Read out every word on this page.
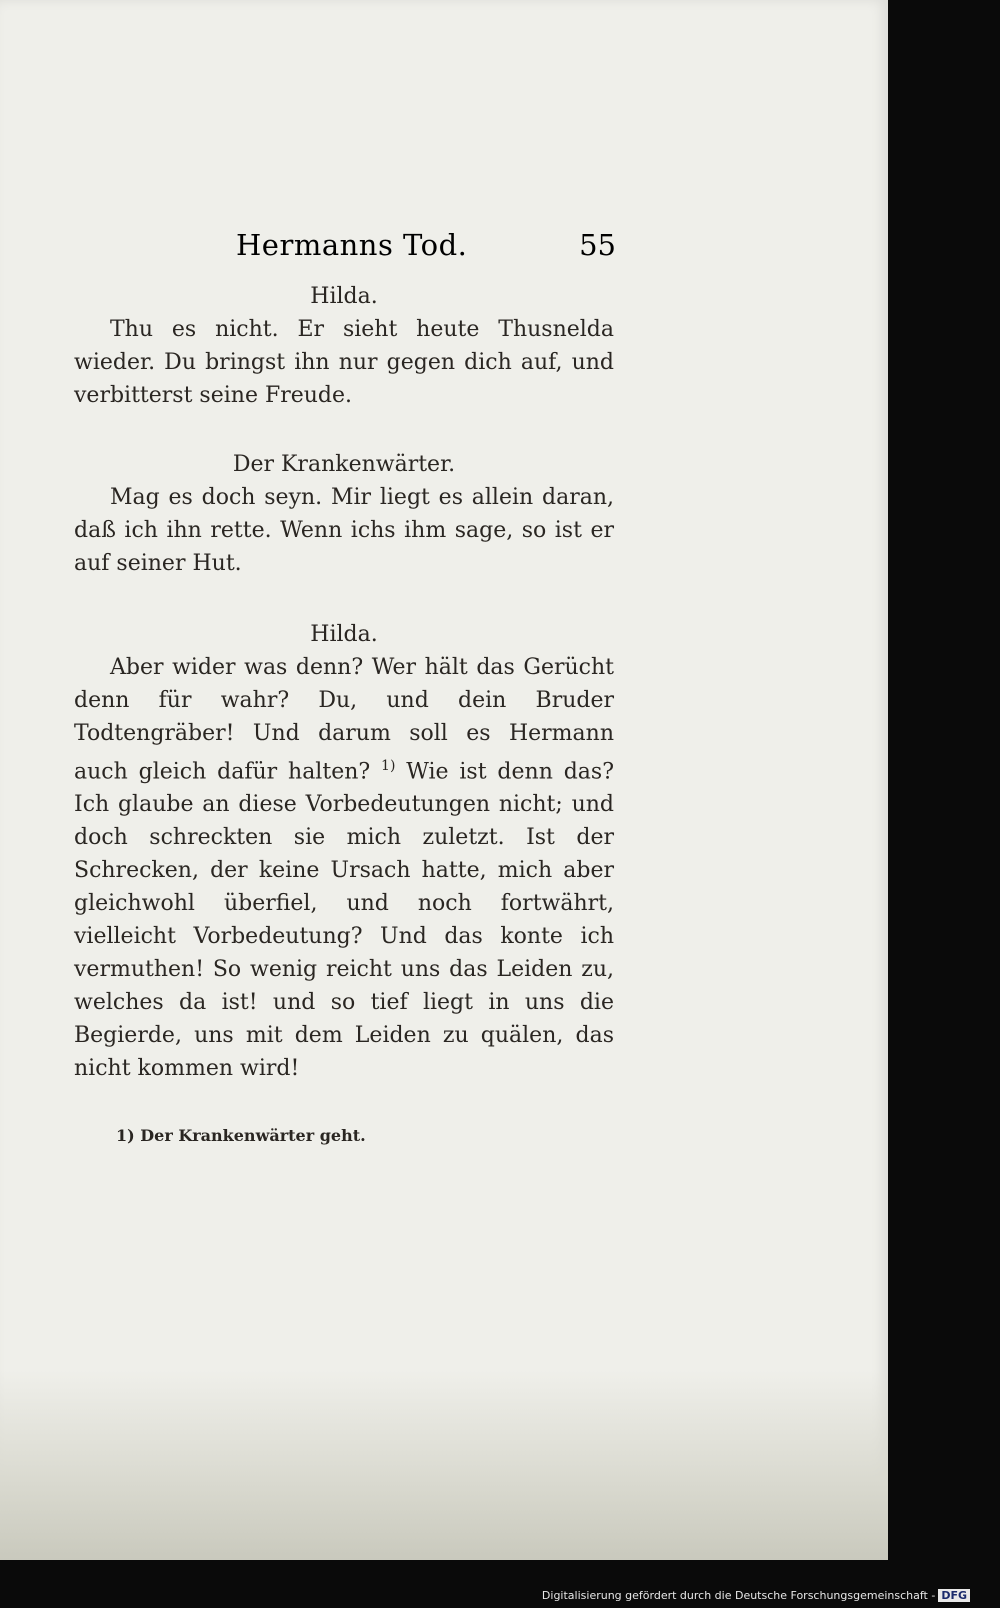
Hermanns Tod.	55

Hilda.

Thu es nicht. Er sieht heute Thusnelda wieder. Du bringst ihn nur gegen dich auf, und verbitterst seine Freude.

Der Krankenwärter.

Mag es doch seyn. Mir liegt es allein daran, daß ich ihn rette. Wenn ichs ihm sage, so ist er auf seiner Hut.

Hilda.

Aber wider was denn? Wer hält das Gerücht denn für wahr? Du, und dein Bruder Todtengräber! Und darum soll es Hermann auch gleich dafür halten? $^{1)}$ Wie ist denn das? Ich glaube an diese Vorbedeutungen nicht; und doch schreckten sie mich zuletzt. Ist der Schrecken, der keine Ursach hatte, mich aber gleichwohl überfiel, und noch fortwährt, vielleicht Vorbedeutung? Und das konte ich vermuthen! So wenig reicht uns das Leiden zu, welches da ist! und so tief liegt in uns die Begierde, uns mit dem Leiden zu quälen, das nicht kommen wird!

1) Der Krankenwärter geht.
Digitalisierung gefördert durch die Deutsche Forschungsgemeinschaft - DFG
